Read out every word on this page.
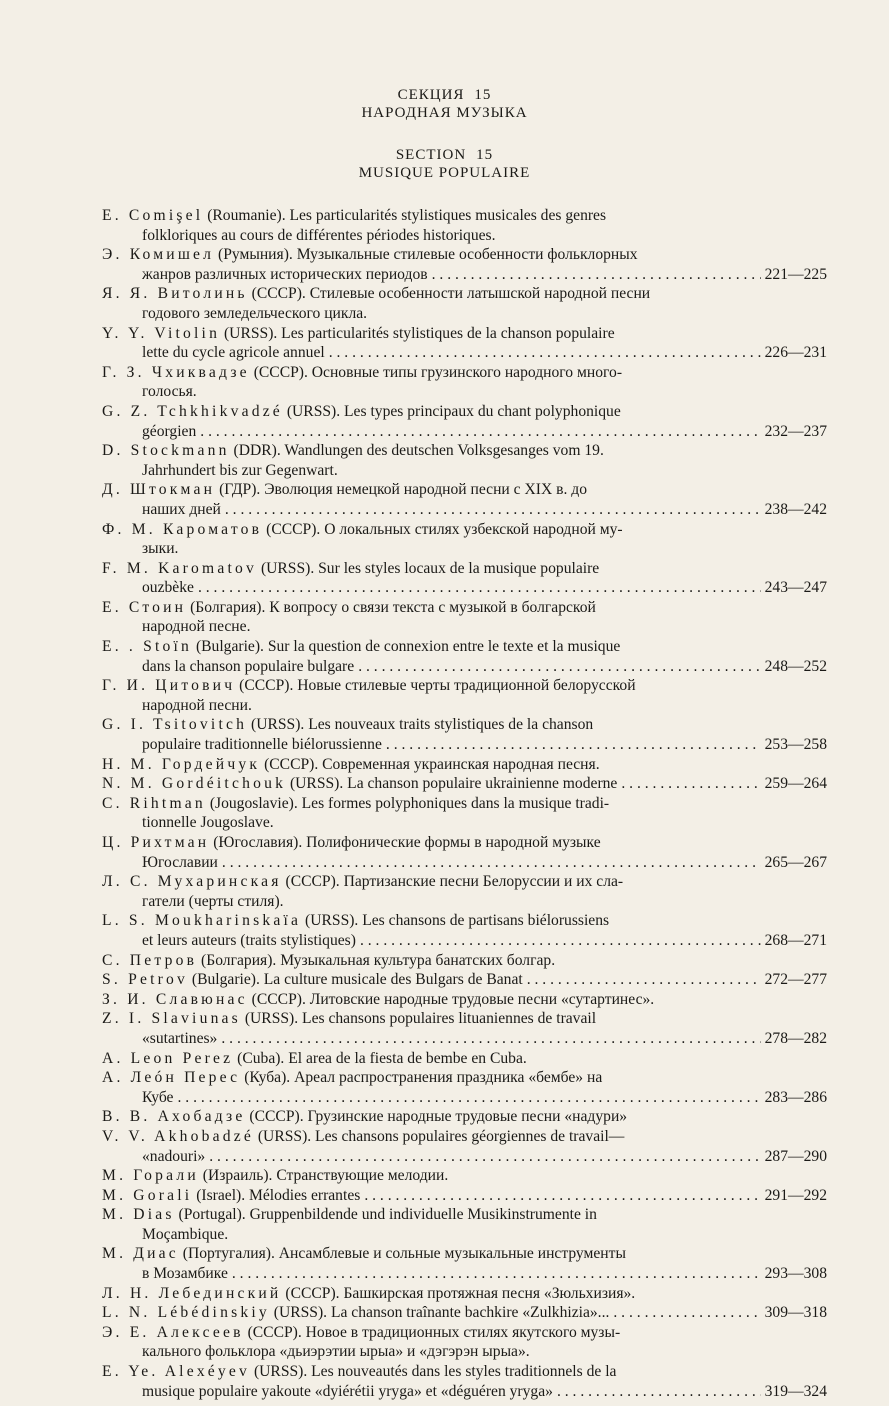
СЕКЦИЯ 15
НАРОДНАЯ МУЗЫКА
SECTION 15
MUSIQUE POPULAIRE
E. Comişel (Roumanie). Les particularités stylistiques musicales des genres
folkloriques au cours de différentes périodes historiques.
Э. Комишел (Румыния). Музыкальные стилевые особенности фольклорных
жанров различных исторических периодов . . .	221—225
Я. Я. Витолинь (СССР). Стилевые особенности латышской народной песни
годового земледельческого цикла.
Y. Y. Vitolin (URSS). Les particularités stylistiques de la chanson populaire
lette du cycle agricole annuel . . .	226—231
Г. З. Чхиквадзе (СССР). Основные типы грузинского народного много-
голосья.
G. Z. Tchkhikvadzé (URSS). Les types principaux du chant polyphonique
géorgien . . .	232—237
D. Stockmann (DDR). Wandlungen des deutschen Volksgesanges vom 19.
Jahrhundert bis zur Gegenwart.
Д. Штокман (ГДР). Эволюция немецкой народной песни с XIX в. до
наших дней . . .	238—242
Ф. М. Кароматов (СССР). О локальных стилях узбекской народной му-
зыки.
F. M. Karomatov (URSS). Sur les styles locaux de la musique populaire
ouzbèke . . .	243—247
Е. Стоин (Болгария). К вопросу о связи текста с музыкой в болгарской
народной песне.
E. . Stoïn (Bulgarie). Sur la question de connexion entre le texte et la musique
dans la chanson populaire bulgare . . .	248—252
Г. И. Цитович (СССР). Новые стилевые черты традиционной белорусской
народной песни.
G. I. Tsitovitch (URSS). Les nouveaux traits stylistiques de la chanson
populaire traditionnelle biélorussienne . . .	253—258
Н. М. Гордейчук (СССР). Современная украинская народная песня.
N. M. Gordéitchouk (URSS). La chanson populaire ukrainienne moderne . . .	259—264
C. Rihtman (Jougoslavie). Les formes polyphoniques dans la musique tradi-
tionnelle Jougoslave.
Ц. Рихтман (Югославия). Полифонические формы в народной музыке
Югославии . . .	265—267
Л. С. Мухаринская (СССР). Партизанские песни Белоруссии и их сла-
гатели (черты стиля).
L. S. Moukharinskaïa (URSS). Les chansons de partisans biélorussiens
et leurs auteurs (traits stylistiques) . . .	268—271
С. Петров (Болгария). Музыкальная культура банатских болгар.
S. Petrov (Bulgarie). La culture musicale des Bulgars de Banat . . .	272—277
З. И. Славюнас (СССР). Литовские народные трудовые песни «сутартинес».
Z. I. Slaviunas (URSS). Les chansons populaires lituaniennes de travail
«sutartines» . . .	278—282
A. Leon Perez (Cuba). El area de la fiesta de bembe en Cuba.
А. Леóн Перес (Куба). Ареал распространения праздника «бембе» на
Кубе . . .	283—286
В. В. Ахобадзе (СССР). Грузинские народные трудовые песни «надури»
V. V. Akhobadzé (URSS). Les chansons populaires géorgiennes de travail—
«nadouri» . . .	287—290
М. Горали (Израиль). Странствующие мелодии.
M. Gorali (Israel). Mélodies errantes . . .	291—292
M. Dias (Portugal). Gruppenbildende und individuelle Musikinstrumente in
Moçambique.
М. Диас (Португалия). Ансамблевые и сольные музыкальные инструменты
в Мозамбике . . .	293—308
Л. Н. Лебединский (СССР). Башкирская протяжная песня «Зюльхизия».
L. N. Lébédinskiy (URSS). La chanson traînante bachkire «Zulkhizia»... . . .	309—318
Э. Е. Алексеев (СССР). Новое в традиционных стилях якутского музы-
кального фольклора «дьиэрэтии ырыа» и «дэгэрэн ырыа».
E. Ye. Alexéyev (URSS). Les nouveautés dans les styles traditionnels de la
musique populaire yakoute «dyiérétii yryga» et «déguéren yryga» . . .	319—324
